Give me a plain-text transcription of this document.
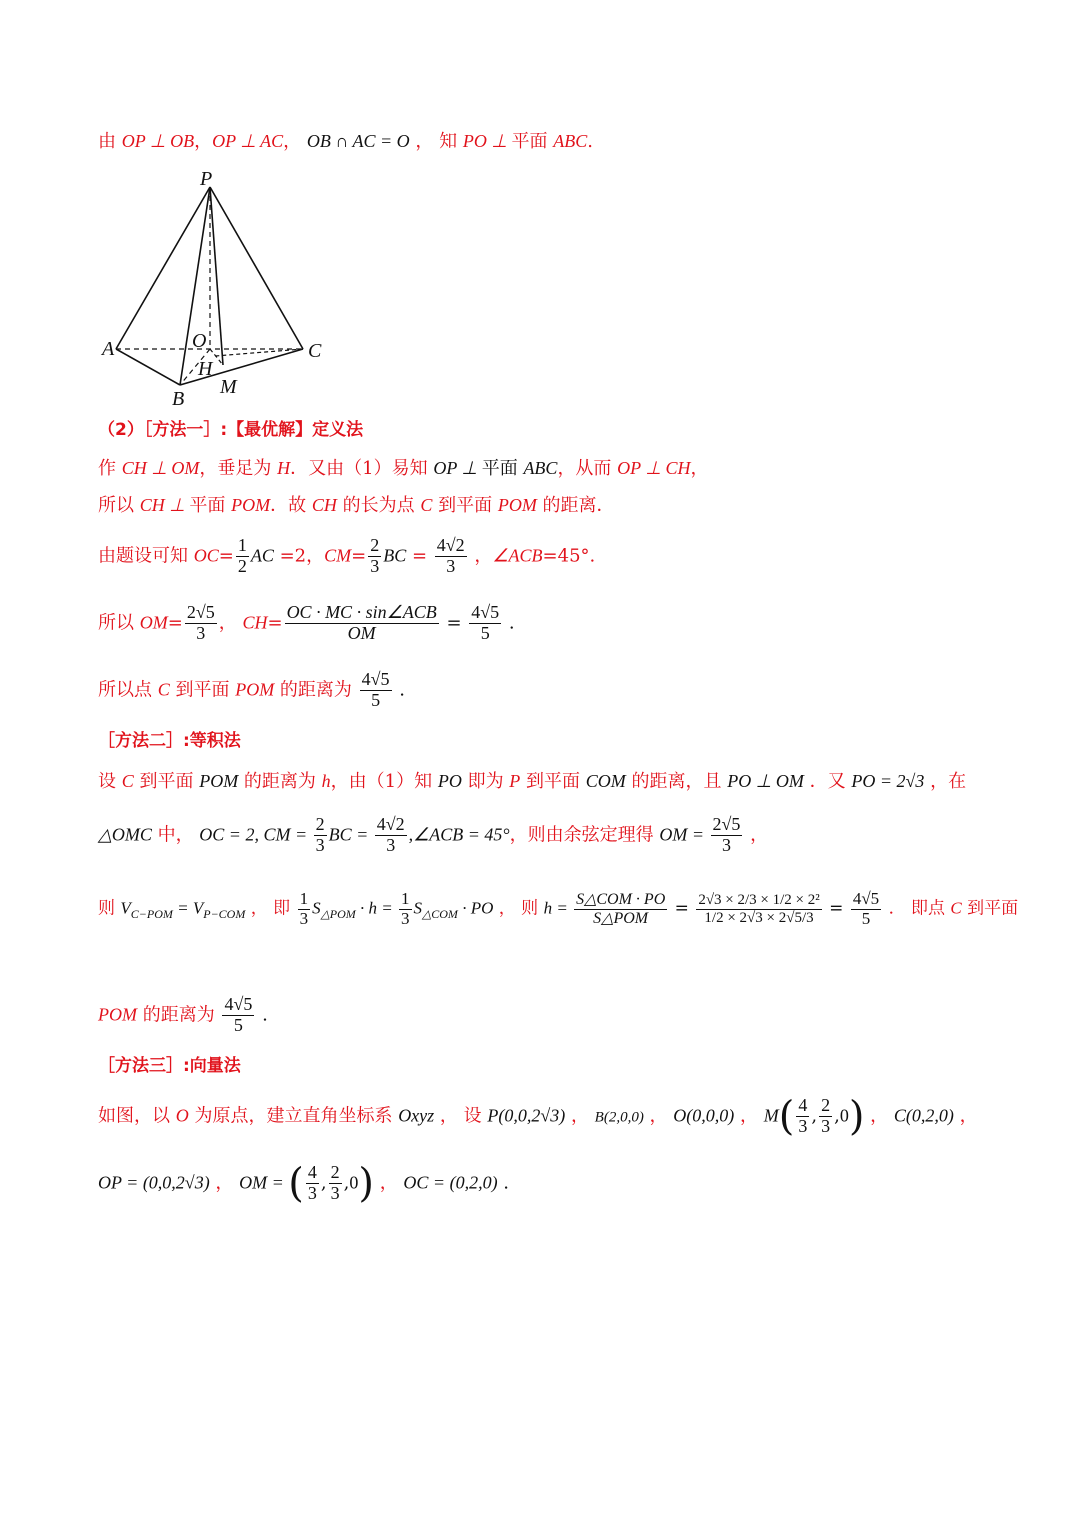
由 OP ⊥ OB，OP ⊥ AC， OB ∩ AC = O ， 知 PO ⊥ 平面 ABC.
P
A
B
C
O
H
M
（2）［方法一］:【最优解】定义法
作 CH ⊥ OM，垂足为 H．又由（1）易知 OP ⊥ 平面 ABC，从而 OP ⊥ CH，
所以 CH ⊥ 平面 POM．故 CH 的长为点 C 到平面 POM 的距离．
由题设可知 $OC= \frac{1}{2}$ AC =2，$CM= \frac{2}{3}$ BC = $\frac{4√2}{3}$ ，∠ACB=45°.
所以 $OM= \frac{2√5}{3}$ ， $CH= \frac{\text{OC · MC · sin∠ACB}}{OM} = \frac{4√5}{5}$ .
所以点 C 到平面 POM 的距离为 $\frac{4√5}{5}$ .
［方法二］:等积法
设 C 到平面 POM 的距离为 h，由（1）知 PO 即为 P 到平面 COM 的距离，且 PO ⊥ OM ．又 PO = 2√3 ，在
△OMC 中， OC = 2, CM = $\frac{2}{3}$ BC = $\frac{4√2}{3}$ ,∠ACB = 45°，则由余弦定理得 OM = $\frac{2√5}{3}$ ，
则 $V_{C-POM} = V_{P-COM}$ ， 即 $\frac{1}{3} S_{\triangle POM} \cdot h = \frac{1}{3} S_{\triangle COM}$ · PO ， 则 $h = \frac{\text{S△COM · PO}}{\text{S△POM}} = \frac{\text{2√3 × 2/3 × 1/2 × 2²}}{1/2 \times 2√3 \times 2√5/3} = \frac{4√5}{5}$ ． 即点 C 到平面
POM 的距离为 $\frac{4√5}{5}$ .
［方法三］:向量法
如图，以 O 为原点，建立直角坐标系 Oxyz ， 设 P(0,0,2√3) ， B(2,0,0) ， O(0,0,0) ， $M( \frac{4}{3}$ , $\frac{2}{3} ,0$) ， C(0,2,0) ，
OP = (0,0,2√3) ， OM = ( $\frac{4}{3}$ , $\frac{2}{3} ,0$) ， OC = (0,2,0) .
